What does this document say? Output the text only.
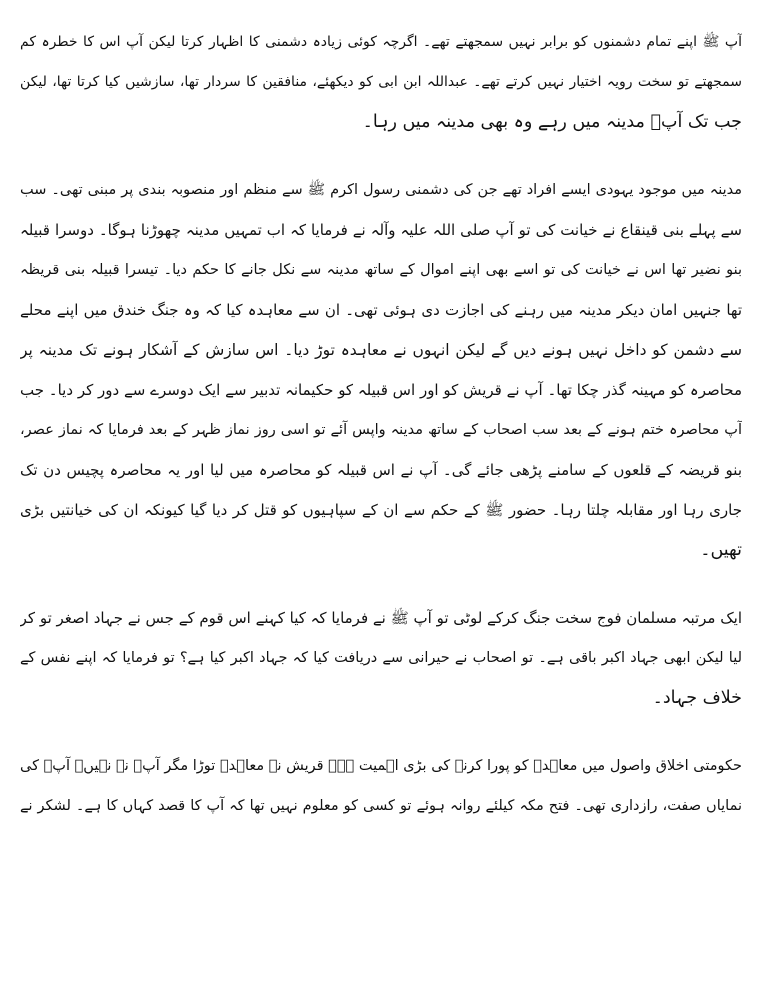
آپ ﷺ اپنے تمام دشمنوں کو برابر نہیں سمجھتے تھے۔ اگرچہ کوئی زیادہ دشمنی کا اظہار کرتا لیکن آپ اس کا خطرہ کم
سمجھتے تو سخت رویہ اختیار نہیں کرتے تھے۔ عبداللہ ابن ابی کو دیکھئے، منافقین کا سردار تھا، سازشیں کیا کرتا تھا، لیکن
جب تک آپؐ مدینہ میں رہے وہ بھی مدینہ میں رہا۔
مدینہ میں موجود یہودی ایسے افراد تھے جن کی دشمنی رسول اکرم ﷺ سے منظم اور منصوبہ بندی پر مبنی تھی۔ سب
سے پہلے بنی قینقاع نے خیانت کی تو آپ صلی اللہ علیہ وآلہ نے فرمایا کہ اب تمہیں مدینہ چھوڑنا ہوگا۔ دوسرا قبیلہ
بنو نضیر تھا اس نے خیانت کی تو اسے بھی اپنے اموال کے ساتھ مدینہ سے نکل جانے کا حکم دیا۔ تیسرا قبیلہ بنی قریظہ
تھا جنہیں امان دیکر مدینہ میں رہنے کی اجازت دی ہوئی تھی۔ ان سے معاہدہ کیا کہ وہ جنگ خندق میں اپنے محلے
سے دشمن کو داخل نہیں ہونے دیں گے لیکن انہوں نے معاہدہ توڑ دیا۔ اس سازش کے آشکار ہونے تک مدینہ پر
محاصرہ کو مہینہ گذر چکا تھا۔ آپ نے قریش کو اور اس قبیلہ کو حکیمانہ تدبیر سے ایک دوسرے سے دور کر دیا۔ جب
آپ محاصرہ ختم ہونے کے بعد سب اصحاب کے ساتھ مدینہ واپس آئے تو اسی روز نماز ظہر کے بعد فرمایا کہ نماز عصر،
بنو قریضہ کے قلعوں کے سامنے پڑھی جائے گی۔ آپ نے اس قبیلہ کو محاصرہ میں لیا اور یہ محاصرہ پچیس دن تک
جاری رہا اور مقابلہ چلتا رہا۔ حضور ﷺ کے حکم سے ان کے سپاہیوں کو قتل کر دیا گیا کیونکہ ان کی خیانتیں بڑی
تھیں۔
ایک مرتبہ مسلمان فوج سخت جنگ کرکے لوٹی تو آپ ﷺ نے فرمایا کہ کیا کہنے اس قوم کے جس نے جہاد اصغر تو کر
لیا لیکن ابھی جہاد اکبر باقی ہے۔ تو اصحاب نے حیرانی سے دریافت کیا کہ جہاد اکبر کیا ہے؟ تو فرمایا کہ اپنے نفس کے
خلاف جہاد۔
حکومتی اخلاق واصول میں معاہدہ کو پورا کرنے کی بڑی اہمیت ہے۔ قریش نے معاہدہ توڑا مگر آپؐ نے نہیں۔ آپؐ کی
نمایاں صفت، رازداری تھی۔ فتح مکہ کیلئے روانہ ہوئے تو کسی کو معلوم نہیں تھا کہ آپ کا قصد کہاں کا ہے۔ لشکر نے
